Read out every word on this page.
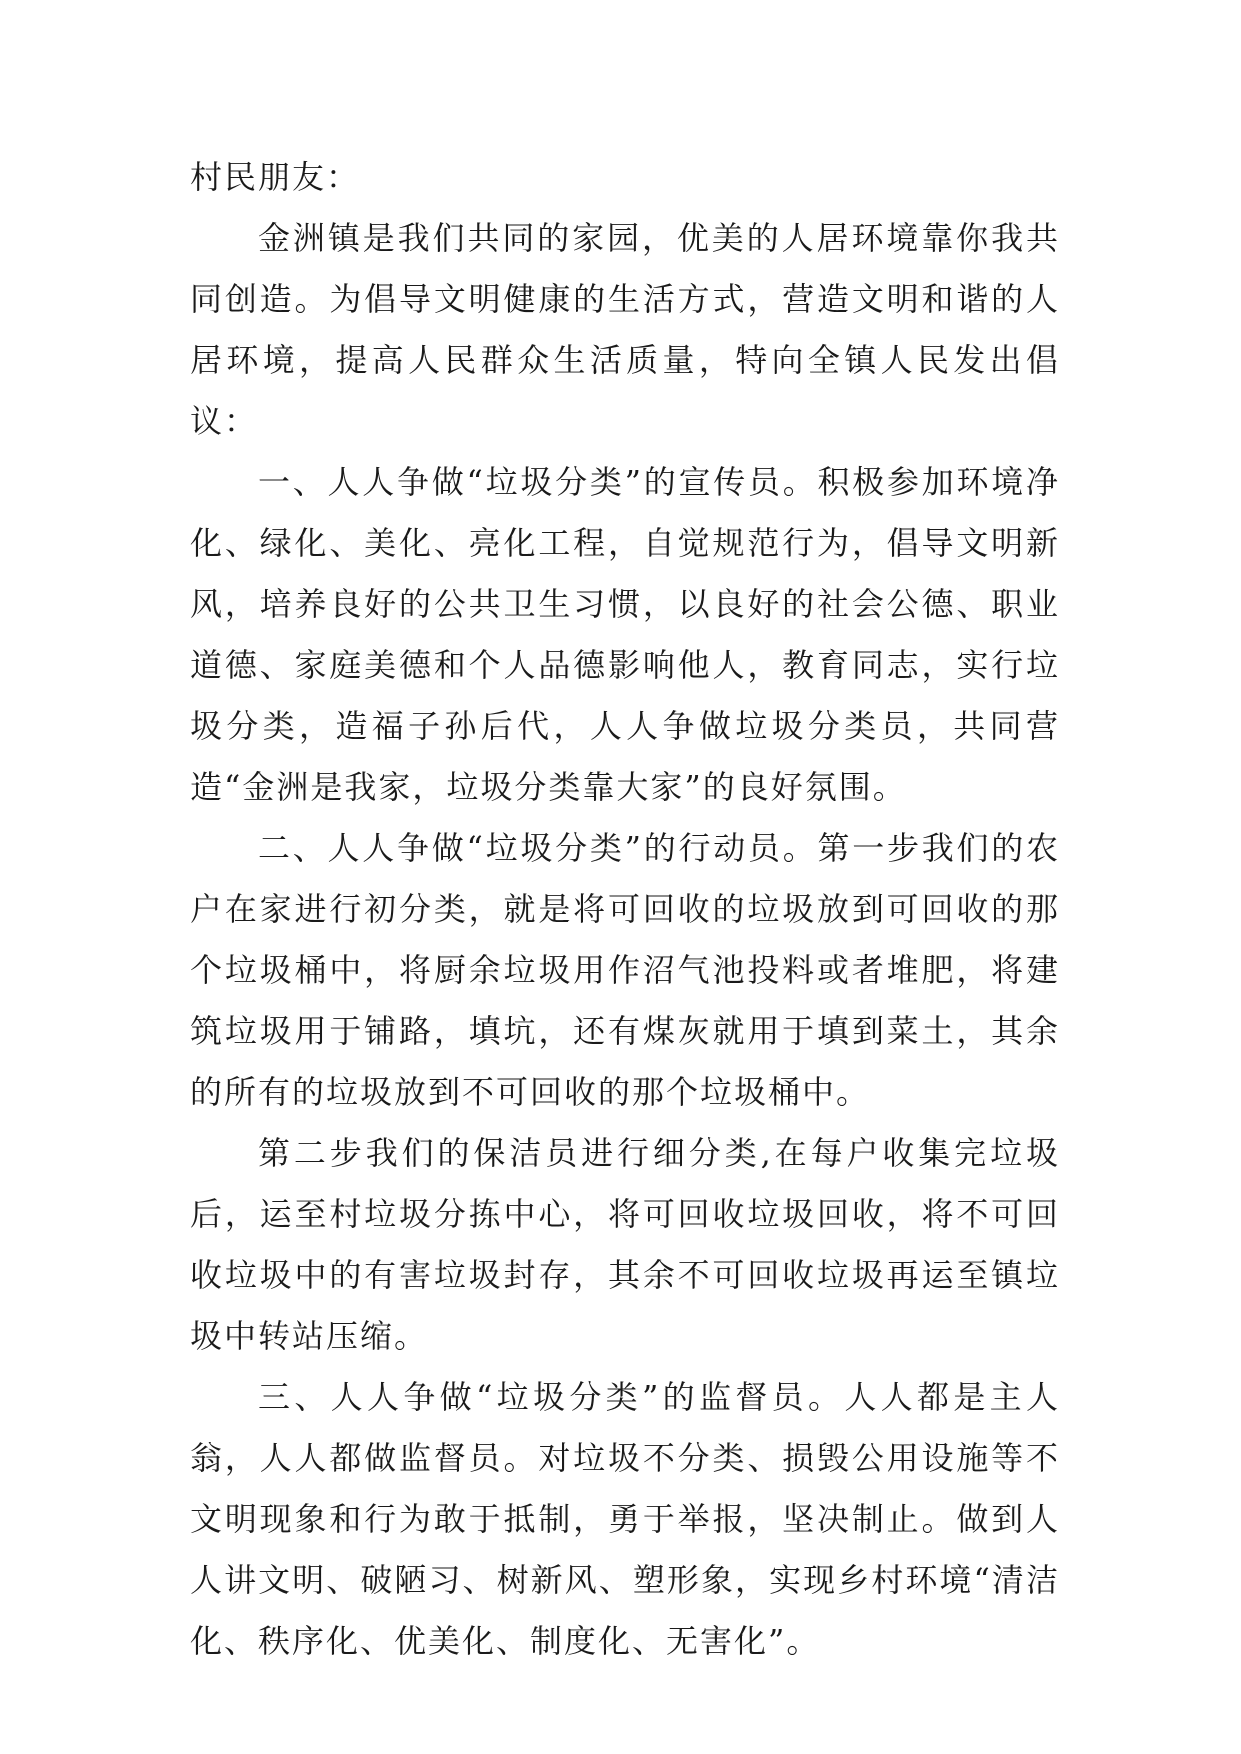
村民朋友：

金洲镇是我们共同的家园，优美的人居环境靠你我共同创造。为倡导文明健康的生活方式，营造文明和谐的人居环境，提高人民群众生活质量，特向全镇人民发出倡议：

一、人人争做“垃圾分类”的宣传员。积极参加环境净化、绿化、美化、亮化工程，自觉规范行为，倡导文明新风，培养良好的公共卫生习惯，以良好的社会公德、职业道德、家庭美德和个人品德影响他人，教育同志，实行垃圾分类，造福子孙后代，人人争做垃圾分类员，共同营造“金洲是我家，垃圾分类靠大家”的良好氛围。

二、人人争做“垃圾分类”的行动员。第一步我们的农户在家进行初分类，就是将可回收的垃圾放到可回收的那个垃圾桶中，将厨余垃圾用作沼气池投料或者堆肥，将建筑垃圾用于铺路，填坑，还有煤灰就用于填到菜土，其余的所有的垃圾放到不可回收的那个垃圾桶中。

第二步我们的保洁员进行细分类,在每户收集完垃圾后，运至村垃圾分拣中心，将可回收垃圾回收，将不可回收垃圾中的有害垃圾封存，其余不可回收垃圾再运至镇垃圾中转站压缩。

三、人人争做“垃圾分类”的监督员。人人都是主人翁，人人都做监督员。对垃圾不分类、损毁公用设施等不文明现象和行为敢于抵制，勇于举报，坚决制止。做到人人讲文明、破陋习、树新风、塑形象，实现乡村环境“清洁化、秩序化、优美化、制度化、无害化”。
